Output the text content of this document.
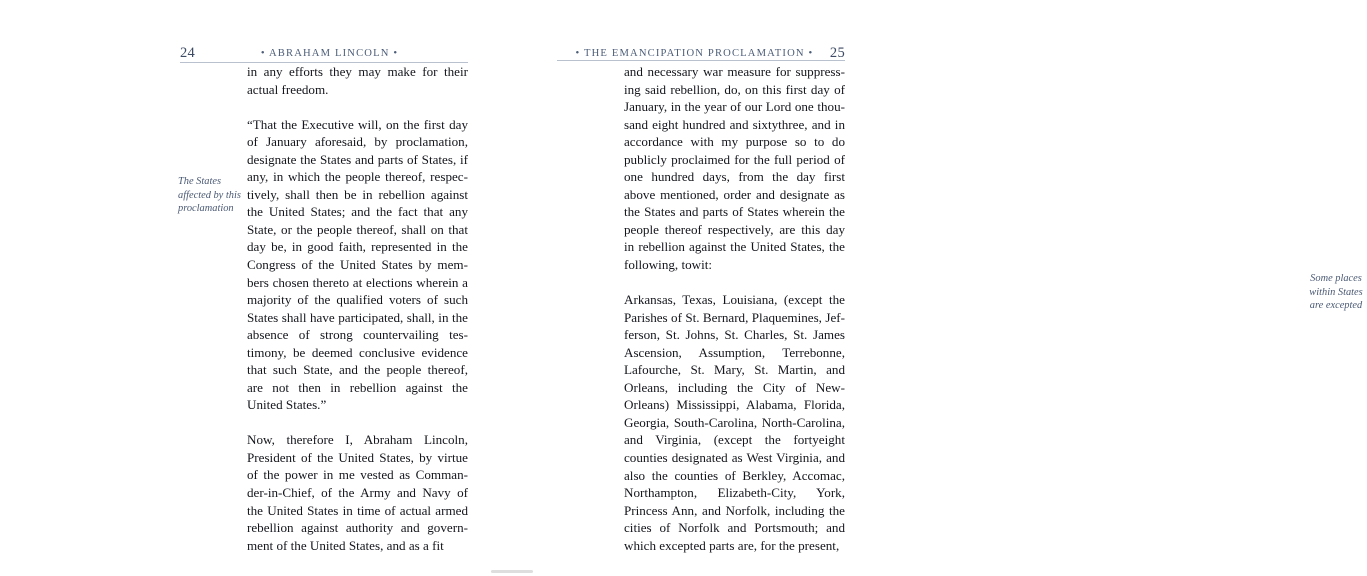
24	• ABRAHAM LINCOLN •
The States affected by this proclamation

in any efforts they may make for their actual freedom.

“That the Executive will, on the first day of January aforesaid, by proclamation, designate the States and parts of States, if any, in which the people thereof, respectively, shall then be in rebellion against the United States; and the fact that any State, or the people thereof, shall on that day be, in good faith, represented in the Congress of the United States by members chosen thereto at elections wherein a majority of the qualified voters of such States shall have participated, shall, in the absence of strong countervailing testimony, be deemed conclusive evidence that such State, and the people thereof, are not then in rebellion against the United States.”

Now, therefore I, Abraham Lincoln, President of the United States, by virtue of the power in me vested as Commander-in-Chief, of the Army and Navy of the United States in time of actual armed rebellion against authority and government of the United States, and as a fit

• THE EMANCIPATION PROCLAMATION •	25
Some places within States are excepted

and necessary war measure for suppressing said rebellion, do, on this first day of January, in the year of our Lord one thousand eight hundred and sixtythree, and in accordance with my purpose so to do publicly proclaimed for the full period of one hundred days, from the day first above mentioned, order and designate as the States and parts of States wherein the people thereof respectively, are this day in rebellion against the United States, the following, towit:

Arkansas, Texas, Louisiana, (except the Parishes of St. Bernard, Plaquemines, Jefferson, St. Johns, St. Charles, St. James Ascension, Assumption, Terrebonne, Lafourche, St. Mary, St. Martin, and Orleans, including the City of New-Orleans) Mississippi, Alabama, Florida, Georgia, South-Carolina, North-Carolina, and Virginia, (except the fortyeight counties designated as West Virginia, and also the counties of Berkley, Accomac, Northampton, Elizabeth-City, York, Princess Ann, and Norfolk, including the cities of Norfolk and Portsmouth; and which excepted parts are, for the present,
